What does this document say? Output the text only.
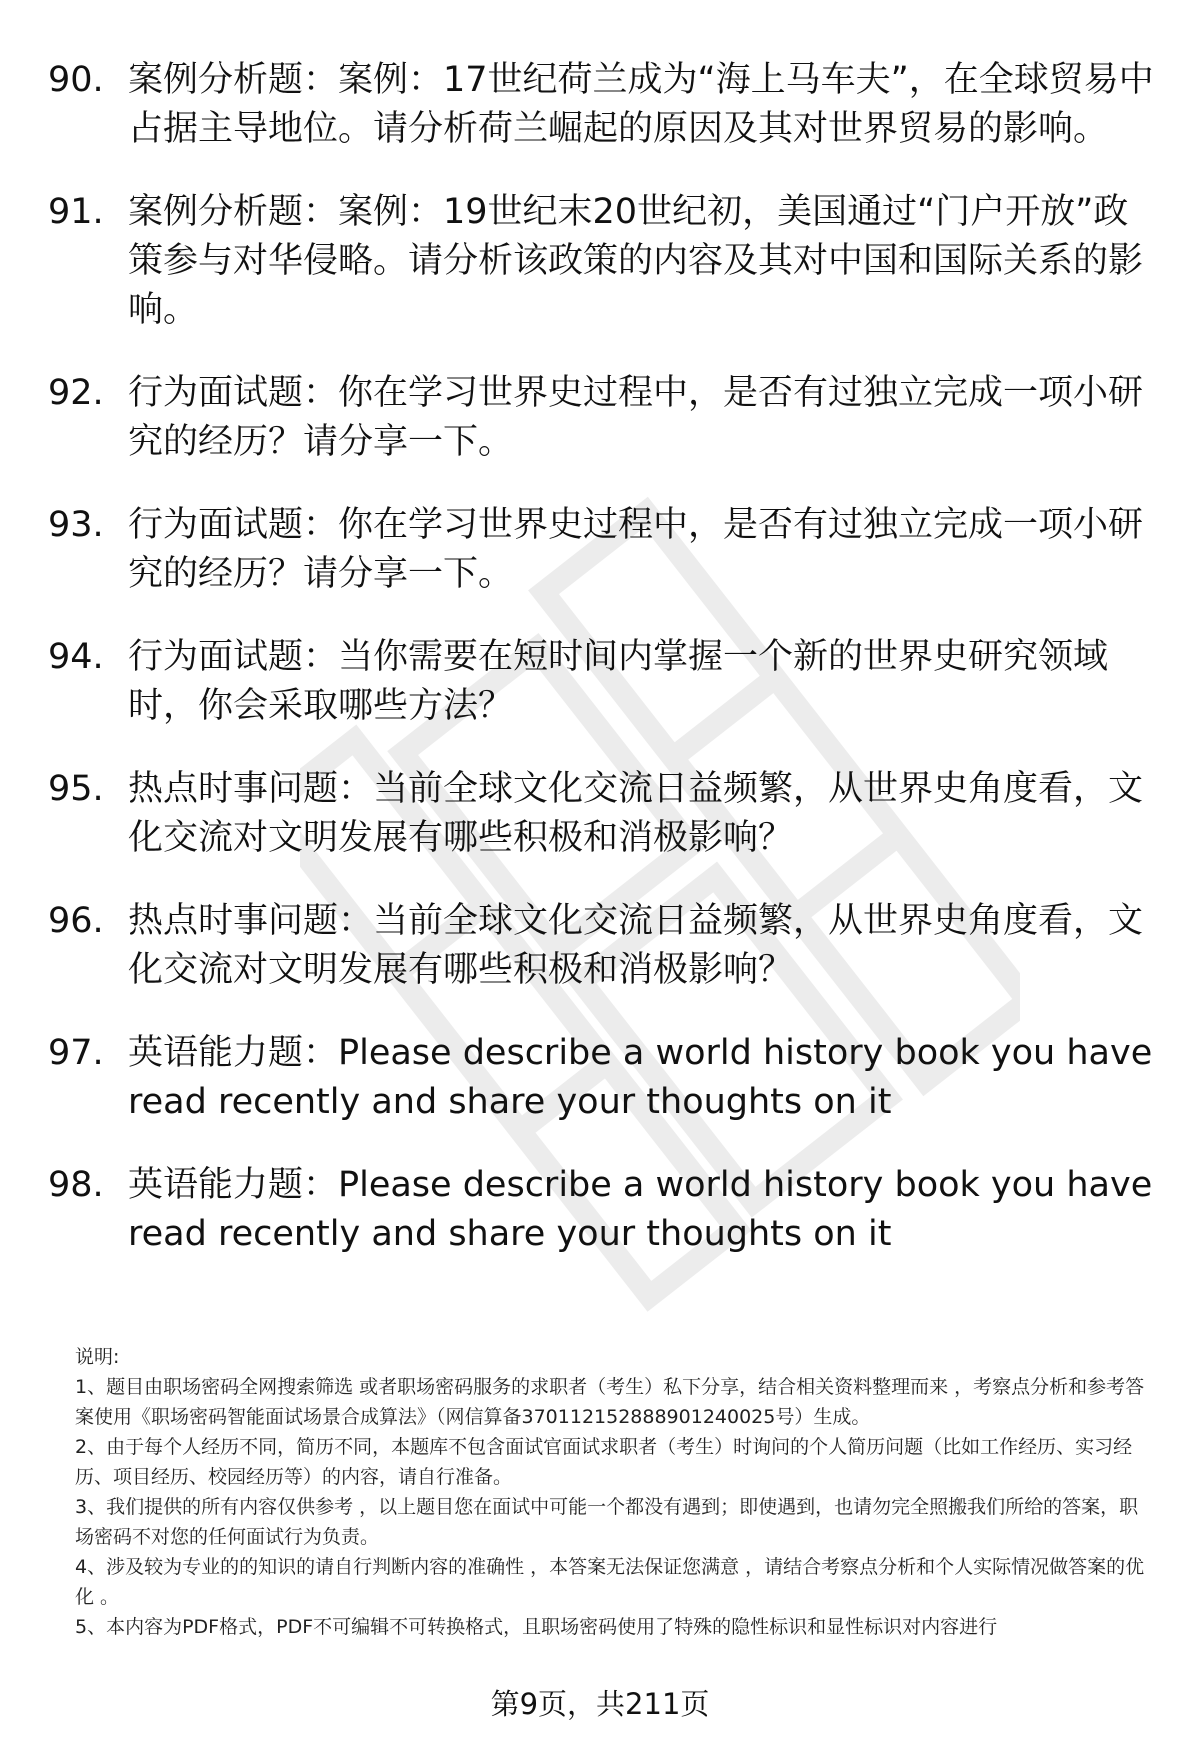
90. 案例分析题：案例：17世纪荷兰成为“海上马车夫”，在全球贸易中占据主导地位。请分析荷兰崛起的原因及其对世界贸易的影响。
91. 案例分析题：案例：19世纪末20世纪初，美国通过“门户开放”政策参与对华侵略。请分析该政策的内容及其对中国和国际关系的影响。
92. 行为面试题：你在学习世界史过程中，是否有过独立完成一项小研究的经历？请分享一下。
93. 行为面试题：你在学习世界史过程中，是否有过独立完成一项小研究的经历？请分享一下。
94. 行为面试题：当你需要在短时间内掌握一个新的世界史研究领域时，你会采取哪些方法？
95. 热点时事问题：当前全球文化交流日益频繁，从世界史角度看，文化交流对文明发展有哪些积极和消极影响？
96. 热点时事问题：当前全球文化交流日益频繁，从世界史角度看，文化交流对文明发展有哪些积极和消极影响？
97. 英语能力题：Please describe a world history book you have read recently and share your thoughts on it
98. 英语能力题：Please describe a world history book you have read recently and share your thoughts on it

说明:

1、题目由职场密码全网搜索筛选 或者职场密码服务的求职者（考生）私下分享，结合相关资料整理而来 ，考察点分析和参考答案使用《职场密码智能面试场景合成算法》（网信算备370112152888901240025号）生成。

2、由于每个人经历不同，简历不同，本题库不包含面试官面试求职者（考生）时询问的个人简历问题（比如工作经历、实习经历、项目经历、校园经历等）的内容，请自行准备。

3、我们提供的所有内容仅供参考 ，以上题目您在面试中可能一个都没有遇到；即使遇到，也请勿完全照搬我们所给的答案，职场密码不对您的任何面试行为负责。

4、涉及较为专业的的知识的请自行判断内容的准确性 ，本答案无法保证您满意 ，请结合考察点分析和个人实际情况做答案的优化 。

5、本内容为PDF格式，PDF不可编辑不可转换格式，且职场密码使用了特殊的隐性标识和显性标识对内容进行

第9页，共211页
